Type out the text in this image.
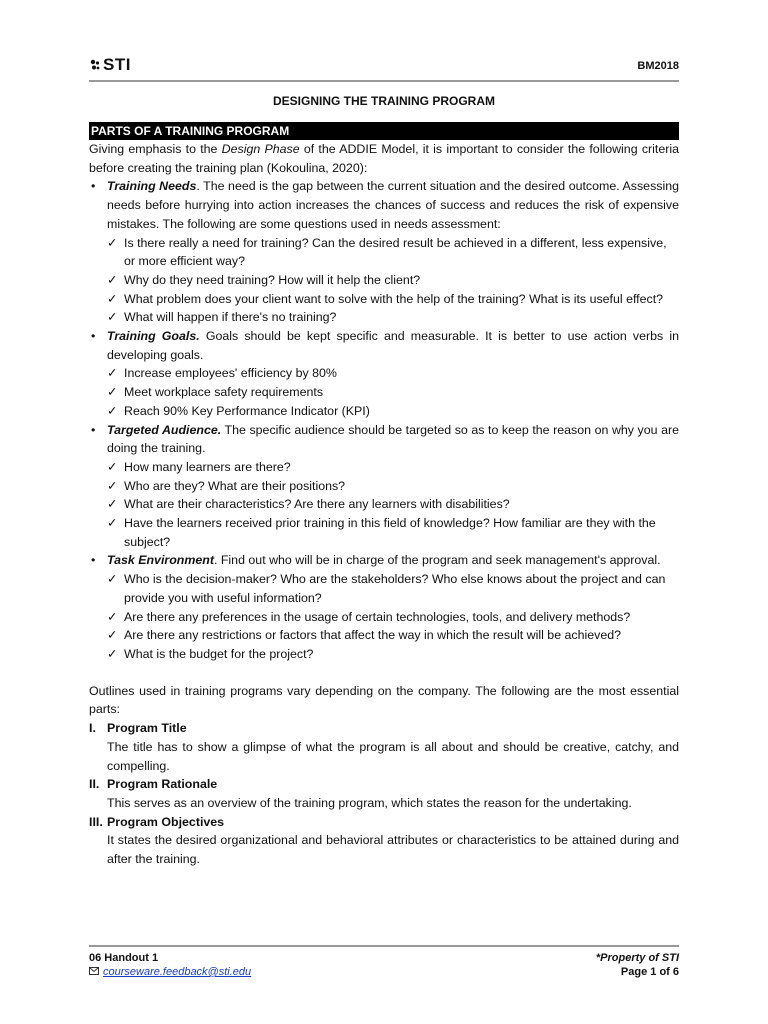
STI	BM2018
DESIGNING THE TRAINING PROGRAM
PARTS OF A TRAINING PROGRAM

Giving emphasis to the Design Phase of the ADDIE Model, it is important to consider the following criteria before creating the training plan (Kokoulina, 2020):

• Training Needs. The need is the gap between the current situation and the desired outcome. Assessing needs before hurrying into action increases the chances of success and reduces the risk of expensive mistakes. The following are some questions used in needs assessment:

✓ Is there really a need for training? Can the desired result be achieved in a different, less expensive, or more efficient way?

✓ Why do they need training? How will it help the client?

✓ What problem does your client want to solve with the help of the training? What is its useful effect?

✓ What will happen if there's no training?

• Training Goals. Goals should be kept specific and measurable. It is better to use action verbs in developing goals.

✓ Increase employees' efficiency by 80%

✓ Meet workplace safety requirements

✓ Reach 90% Key Performance Indicator (KPI)

• Targeted Audience. The specific audience should be targeted so as to keep the reason on why you are doing the training.

✓ How many learners are there?

✓ Who are they? What are their positions?

✓ What are their characteristics? Are there any learners with disabilities?

✓ Have the learners received prior training in this field of knowledge? How familiar are they with the subject?

• Task Environment. Find out who will be in charge of the program and seek management's approval.

✓ Who is the decision-maker? Who are the stakeholders? Who else knows about the project and can provide you with useful information?

✓ Are there any preferences in the usage of certain technologies, tools, and delivery methods?

✓ Are there any restrictions or factors that affect the way in which the result will be achieved?

✓ What is the budget for the project?

Outlines used in training programs vary depending on the company. The following are the most essential parts:

I. Program Title

The title has to show a glimpse of what the program is all about and should be creative, catchy, and compelling.

II. Program Rationale

This serves as an overview of the training program, which states the reason for the undertaking.

III. Program Objectives

It states the desired organizational and behavioral attributes or characteristics to be attained during and after the training.

06 Handout 1
courseware.feedback@sti.edu
*Property of STI
Page 1 of 6
